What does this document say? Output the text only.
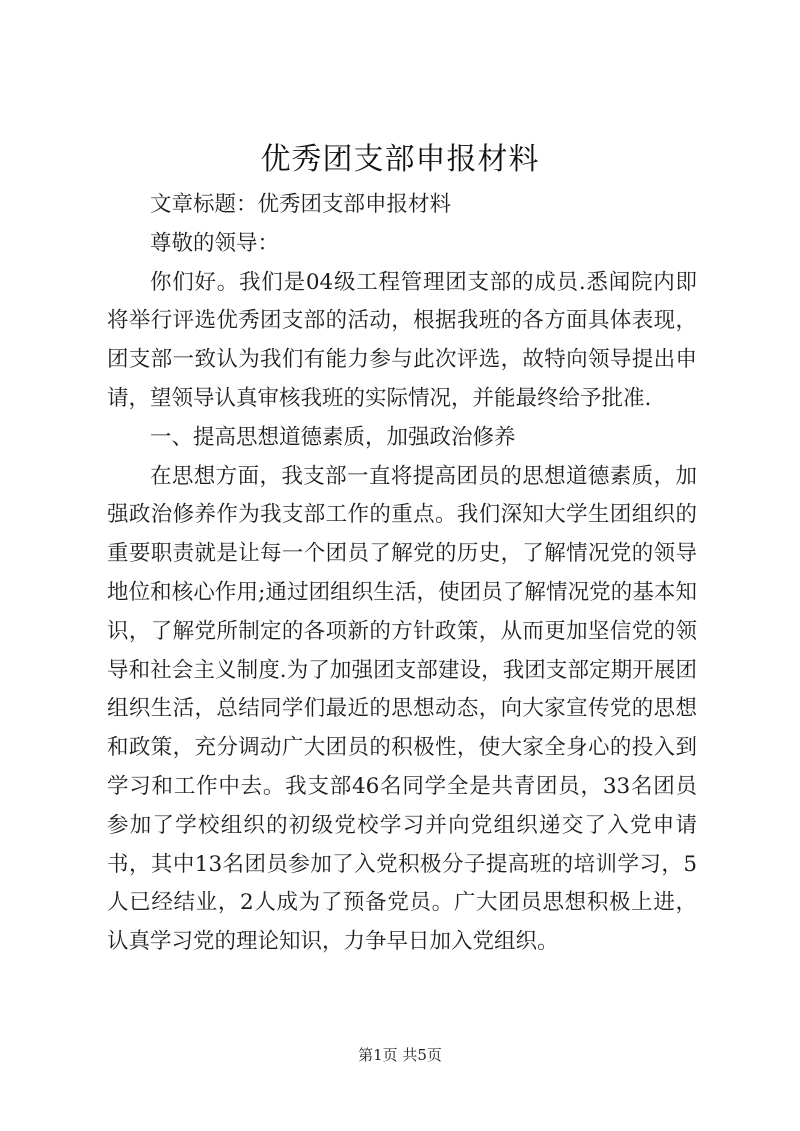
优秀团支部申报材料

文章标题：优秀团支部申报材料

尊敬的领导：

你们好。我们是04级工程管理团支部的成员.悉闻院内即将举行评选优秀团支部的活动，根据我班的各方面具体表现，团支部一致认为我们有能力参与此次评选，故特向领导提出申请，望领导认真审核我班的实际情况，并能最终给予批准.

一、提高思想道德素质，加强政治修养

在思想方面，我支部一直将提高团员的思想道德素质，加强政治修养作为我支部工作的重点。我们深知大学生团组织的重要职责就是让每一个团员了解党的历史，了解情况党的领导地位和核心作用;通过团组织生活，使团员了解情况党的基本知识，了解党所制定的各项新的方针政策，从而更加坚信党的领导和社会主义制度.为了加强团支部建设，我团支部定期开展团组织生活，总结同学们最近的思想动态，向大家宣传党的思想和政策，充分调动广大团员的积极性，使大家全身心的投入到学习和工作中去。我支部46名同学全是共青团员，33名团员参加了学校组织的初级党校学习并向党组织递交了入党申请书，其中13名团员参加了入党积极分子提高班的培训学习，5人已经结业，2人成为了预备党员。广大团员思想积极上进，认真学习党的理论知识，力争早日加入党组织。

第1页 共5页
